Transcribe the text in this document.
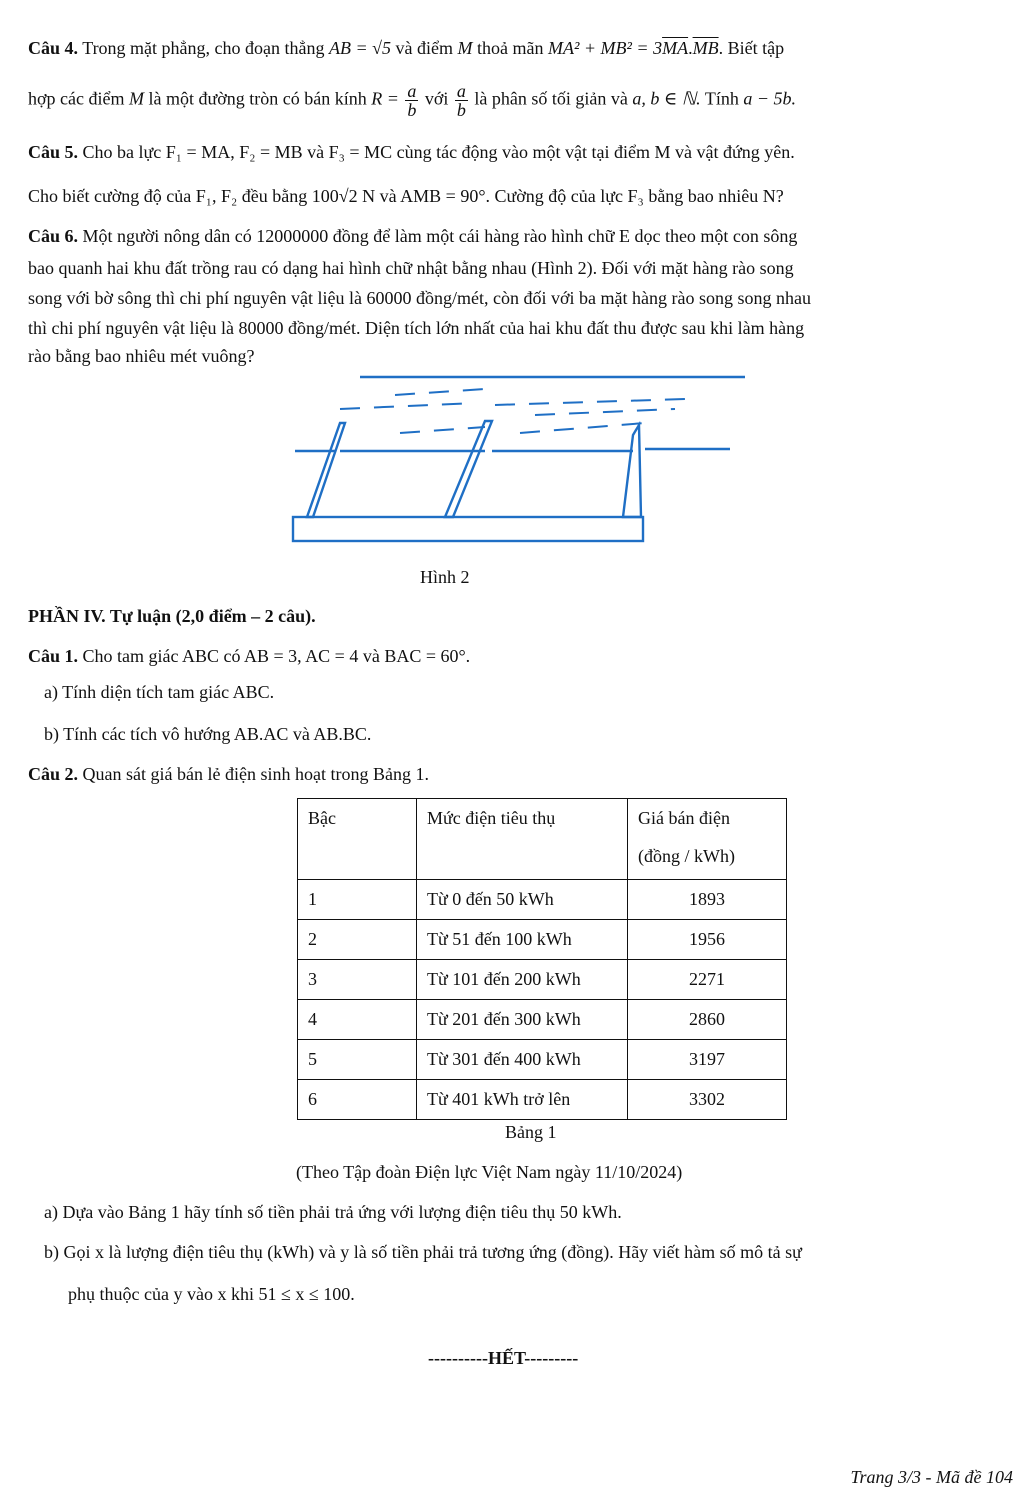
Câu 4. Trong mặt phẳng, cho đoạn thẳng AB = √5 và điểm M thoả mãn $MA^2 + MB^2 = 3\overline{MA}.\overline{MB}$. Biết tập
hợp các điểm M là một đường tròn có bán kính $R = \frac{a}{b}$ với $\frac{a}{b}$ là phân số tối giản và a, b ∈ ℕ. Tính a − 5b.
Câu 5. Cho ba lực F₁ = MA, F₂ = MB và F₃ = MC cùng tác động vào một vật tại điểm M và vật đứng yên.
Cho biết cường độ của F₁, F₂ đều bằng 100√2 N và AMB = 90°. Cường độ của lực F₃ bằng bao nhiêu N?
Câu 6. Một người nông dân có 12000000 đồng để làm một cái hàng rào hình chữ E dọc theo một con sông
bao quanh hai khu đất trồng rau có dạng hai hình chữ nhật bằng nhau (Hình 2). Đối với mặt hàng rào song
song với bờ sông thì chi phí nguyên vật liệu là 60000 đồng/mét, còn đối với ba mặt hàng rào song song nhau
thì chi phí nguyên vật liệu là 80000 đồng/mét. Diện tích lớn nhất của hai khu đất thu được sau khi làm hàng
rào bằng bao nhiêu mét vuông?
Hình 2
PHẦN IV. Tự luận (2,0 điểm – 2 câu).
Câu 1. Cho tam giác ABC có AB = 3, AC = 4 và BAC = 60°.
a) Tính diện tích tam giác ABC.
b) Tính các tích vô hướng AB.AC và AB.BC.
Câu 2. Quan sát giá bán lẻ điện sinh hoạt trong Bảng 1.
Bậc	Mức điện tiêu thụ	Giá bán điện
(đồng / kWh)
1	Từ 0 đến 50 kWh	1893
2	Từ 51 đến 100 kWh	1956
3	Từ 101 đến 200 kWh	2271
4	Từ 201 đến 300 kWh	2860
5	Từ 301 đến 400 kWh	3197
6	Từ 401 kWh trở lên	3302
Bảng 1
(Theo Tập đoàn Điện lực Việt Nam ngày 11/10/2024)
a) Dựa vào Bảng 1 hãy tính số tiền phải trả ứng với lượng điện tiêu thụ 50 kWh.
b) Gọi x là lượng điện tiêu thụ (kWh) và y là số tiền phải trả tương ứng (đồng). Hãy viết hàm số mô tả sự
phụ thuộc của y vào x khi 51 ≤ x ≤ 100.
----------HẾT---------
Trang 3/3 - Mã đề 104
